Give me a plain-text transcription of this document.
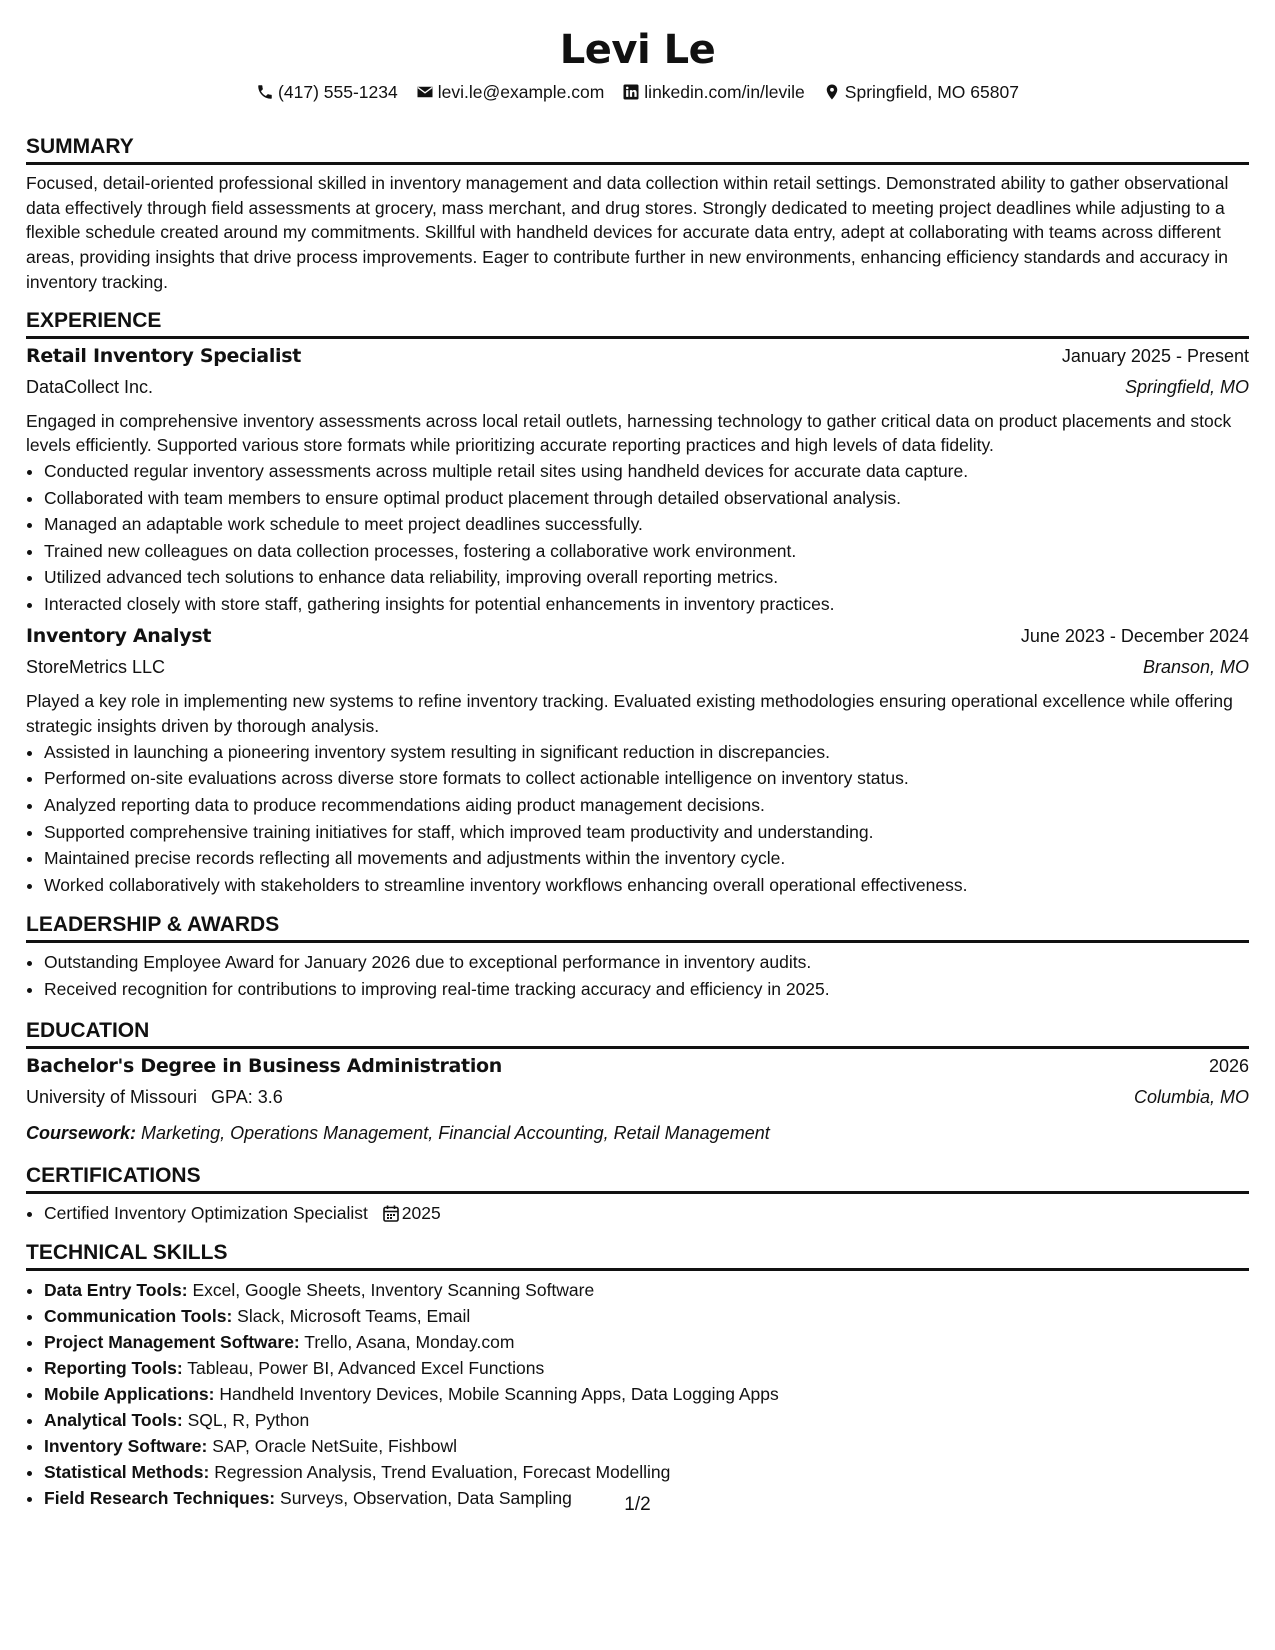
Levi Le
(417) 555-1234 levi.le@example.com linkedin.com/in/levile Springfield, MO 65807
SUMMARY

Focused, detail-oriented professional skilled in inventory management and data collection within retail settings. Demonstrated ability to gather observational data effectively through field assessments at grocery, mass merchant, and drug stores. Strongly dedicated to meeting project deadlines while adjusting to a flexible schedule created around my commitments. Skillful with handheld devices for accurate data entry, adept at collaborating with teams across different areas, providing insights that drive process improvements. Eager to contribute further in new environments, enhancing efficiency standards and accuracy in inventory tracking.

EXPERIENCE
Retail Inventory Specialist	January 2025 - Present
DataCollect Inc.	Springfield, MO

Engaged in comprehensive inventory assessments across local retail outlets, harnessing technology to gather critical data on product placements and stock levels efficiently. Supported various store formats while prioritizing accurate reporting practices and high levels of data fidelity.

• Conducted regular inventory assessments across multiple retail sites using handheld devices for accurate data capture.
• Collaborated with team members to ensure optimal product placement through detailed observational analysis.
• Managed an adaptable work schedule to meet project deadlines successfully.
• Trained new colleagues on data collection processes, fostering a collaborative work environment.
• Utilized advanced tech solutions to enhance data reliability, improving overall reporting metrics.
• Interacted closely with store staff, gathering insights for potential enhancements in inventory practices.
Inventory Analyst	June 2023 - December 2024
StoreMetrics LLC	Branson, MO

Played a key role in implementing new systems to refine inventory tracking. Evaluated existing methodologies ensuring operational excellence while offering strategic insights driven by thorough analysis.

• Assisted in launching a pioneering inventory system resulting in significant reduction in discrepancies.
• Performed on-site evaluations across diverse store formats to collect actionable intelligence on inventory status.
• Analyzed reporting data to produce recommendations aiding product management decisions.
• Supported comprehensive training initiatives for staff, which improved team productivity and understanding.
• Maintained precise records reflecting all movements and adjustments within the inventory cycle.
• Worked collaboratively with stakeholders to streamline inventory workflows enhancing overall operational effectiveness.
LEADERSHIP & AWARDS
• Outstanding Employee Award for January 2026 due to exceptional performance in inventory audits.
• Received recognition for contributions to improving real-time tracking accuracy and efficiency in 2025.
EDUCATION
Bachelor's Degree in Business Administration	2026
University of Missouri GPA: 3.6	Columbia, MO
Coursework: Marketing, Operations Management, Financial Accounting, Retail Management
CERTIFICATIONS
• Certified Inventory Optimization Specialist 2025
TECHNICAL SKILLS
• Data Entry Tools: Excel, Google Sheets, Inventory Scanning Software
• Communication Tools: Slack, Microsoft Teams, Email
• Project Management Software: Trello, Asana, Monday.com
• Reporting Tools: Tableau, Power BI, Advanced Excel Functions
• Mobile Applications: Handheld Inventory Devices, Mobile Scanning Apps, Data Logging Apps
• Analytical Tools: SQL, R, Python
• Inventory Software: SAP, Oracle NetSuite, Fishbowl
• Statistical Methods: Regression Analysis, Trend Evaluation, Forecast Modelling
• Field Research Techniques: Surveys, Observation, Data Sampling	1/2
